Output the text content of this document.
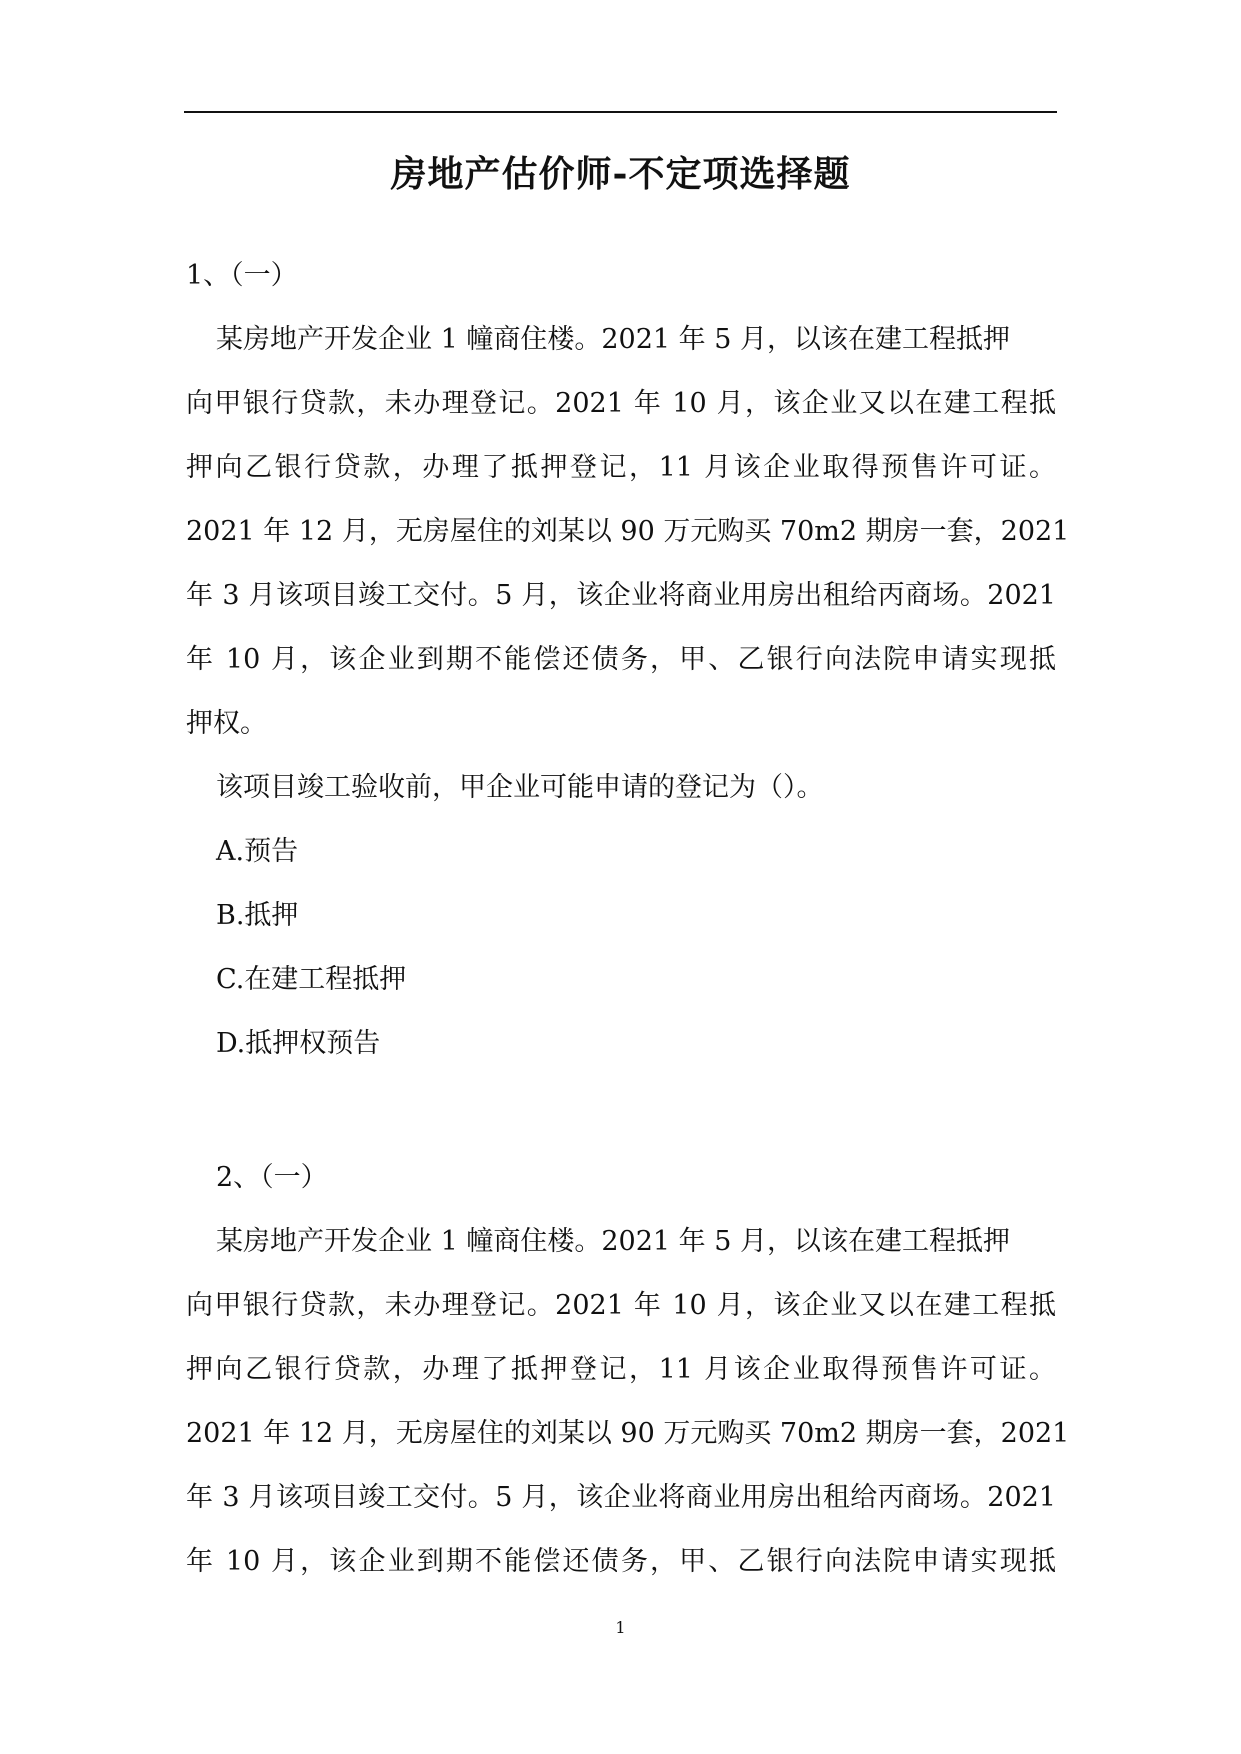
房地产估价师-不定项选择题
1、（一）
某房地产开发企业 1 幢商住楼。2021 年 5 月，以该在建工程抵押
向甲银行贷款，未办理登记。2021 年 10 月，该企业又以在建工程抵
押向乙银行贷款，办理了抵押登记，11 月该企业取得预售许可证。
2021 年 12 月，无房屋住的刘某以 90 万元购买 70m2 期房一套，2021
年 3 月该项目竣工交付。5 月，该企业将商业用房出租给丙商场。2021
年 10 月，该企业到期不能偿还债务，甲、乙银行向法院申请实现抵
押权。
该项目竣工验收前，甲企业可能申请的登记为（）。
A.预告
B.抵押
C.在建工程抵押
D.抵押权预告
2、（一）
某房地产开发企业 1 幢商住楼。2021 年 5 月，以该在建工程抵押
向甲银行贷款，未办理登记。2021 年 10 月，该企业又以在建工程抵
押向乙银行贷款，办理了抵押登记，11 月该企业取得预售许可证。
2021 年 12 月，无房屋住的刘某以 90 万元购买 70m2 期房一套，2021
年 3 月该项目竣工交付。5 月，该企业将商业用房出租给丙商场。2021
年 10 月，该企业到期不能偿还债务，甲、乙银行向法院申请实现抵
1
